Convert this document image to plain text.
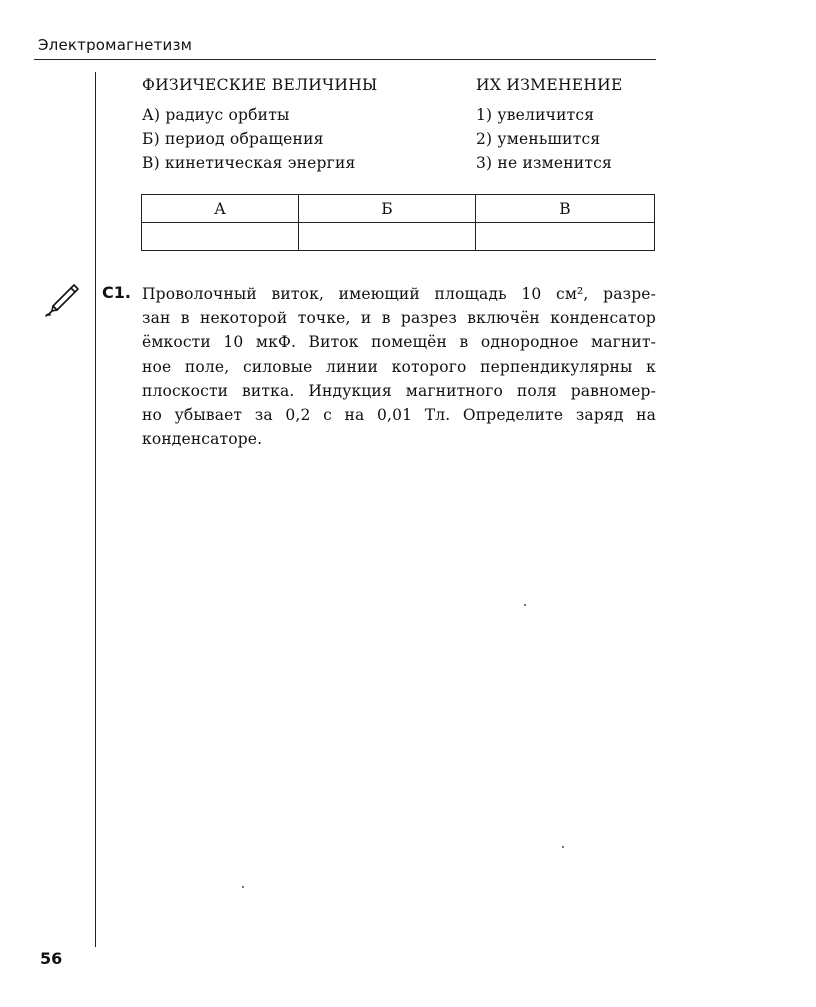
Электромагнетизм
ФИЗИЧЕСКИЕ ВЕЛИЧИНЫ	ИХ ИЗМЕНЕНИЕ
А) радиус орбиты
Б) период обращения
В) кинетическая энергия
1) увеличится
2) уменьшится
3) не изменится
А	Б	В

С1. Проволочный виток, имеющий площадь 10 см², разре-
зан в некоторой точке, и в разрез включён конденсатор
ёмкости 10 мкФ. Виток помещён в однородное магнит-
ное поле, силовые линии которого перпендикулярны к
плоскости витка. Индукция магнитного поля равномер-
но убывает за 0,2 с на 0,01 Тл. Определите заряд на
конденсаторе.
56
